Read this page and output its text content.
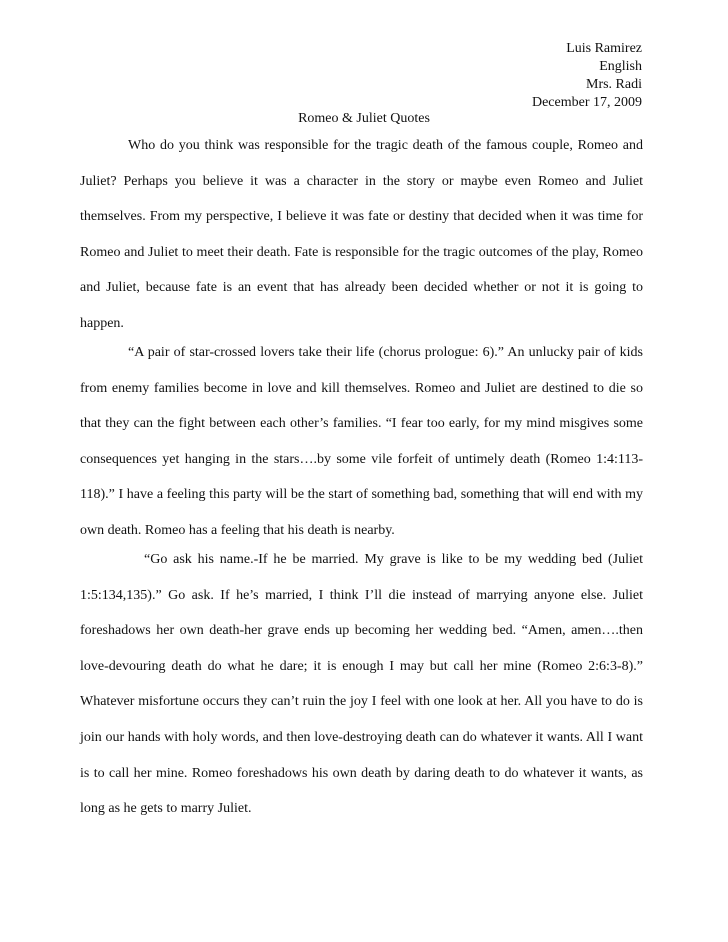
Luis Ramirez
English
Mrs. Radi
December 17, 2009
Romeo & Juliet Quotes

Who do you think was responsible for the tragic death of the famous couple, Romeo and Juliet? Perhaps you believe it was a character in the story or maybe even Romeo and Juliet themselves. From my perspective, I believe it was fate or destiny that decided when it was time for Romeo and Juliet to meet their death. Fate is responsible for the tragic outcomes of the play, Romeo and Juliet, because fate is an event that has already been decided whether or not it is going to happen.

“A pair of star-crossed lovers take their life (chorus prologue: 6).” An unlucky pair of kids from enemy families become in love and kill themselves. Romeo and Juliet are destined to die so that they can the fight between each other’s families. “I fear too early, for my mind misgives some consequences yet hanging in the stars….by some vile forfeit of untimely death (Romeo 1:4:113-118).” I have a feeling this party will be the start of something bad, something that will end with my own death. Romeo has a feeling that his death is nearby.

“Go ask his name.-If he be married. My grave is like to be my wedding bed (Juliet 1:5:134,135).” Go ask. If he’s married, I think I’ll die instead of marrying anyone else. Juliet foreshadows her own death-her grave ends up becoming her wedding bed. “Amen, amen….then love-devouring death do what he dare; it is enough I may but call her mine (Romeo 2:6:3-8).” Whatever misfortune occurs they can’t ruin the joy I feel with one look at her. All you have to do is join our hands with holy words, and then love-destroying death can do whatever it wants. All I want is to call her mine. Romeo foreshadows his own death by daring death to do whatever it wants, as long as he gets to marry Juliet.
